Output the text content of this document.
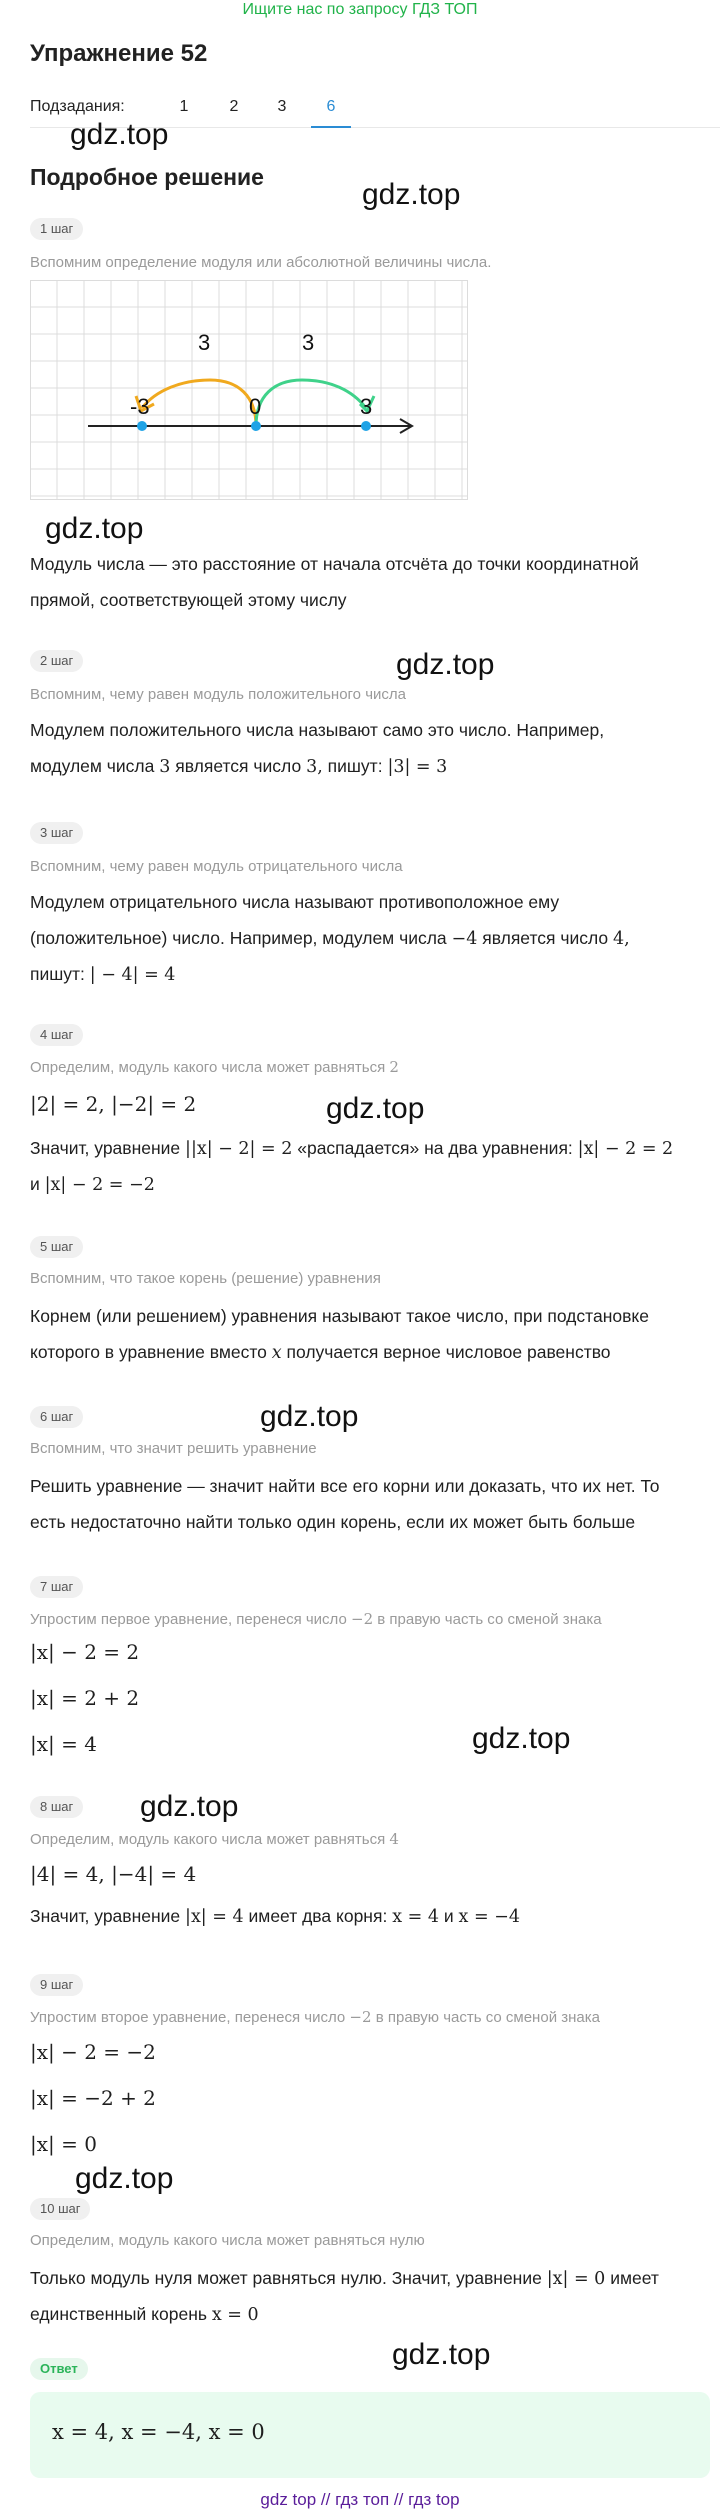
Ищите нас по запросу ГДЗ ТОП
Упражнение 52
Подзадания:	1	2	3	6
gdz.top
gdz.top
gdz.top
gdz.top
gdz.top
gdz.top
gdz.top
gdz.top
gdz.top
gdz.top
Подробное решение
1 шаг
Вспомним определение модуля или абсолютной величины числа.
3	3
-3	0	3
Модуль числа — это расстояние от начала отсчёта до точки координатной
прямой, соответствующей этому числу
2 шаг
Вспомним, чему равен модуль положительного числа
Модулем положительного числа называют само это число. Например,
модулем числа 3 является число 3, пишут: |3| = 3
3 шаг
Вспомним, чему равен модуль отрицательного числа
Модулем отрицательного числа называют противоположное ему
(положительное) число. Например, модулем числа −4 является число 4,
пишут: | − 4| = 4
4 шаг
Определим, модуль какого числа может равняться 2
|2| = 2, |−2| = 2
Значит, уравнение ||x| − 2| = 2 «распадается» на два уравнения: |x| − 2 = 2
и |x| − 2 = −2
5 шаг
Вспомним, что такое корень (решение) уравнения
Корнем (или решением) уравнения называют такое число, при подстановке
которого в уравнение вместо x получается верное числовое равенство
6 шаг
Вспомним, что значит решить уравнение
Решить уравнение — значит найти все его корни или доказать, что их нет. То
есть недостаточно найти только один корень, если их может быть больше
7 шаг
Упростим первое уравнение, перенеся число −2 в правую часть со сменой знака
|x| − 2 = 2
|x| = 2 + 2
|x| = 4
8 шаг
Определим, модуль какого числа может равняться 4
|4| = 4, |−4| = 4
Значит, уравнение |x| = 4 имеет два корня: x = 4 и x = −4
9 шаг
Упростим второе уравнение, перенеся число −2 в правую часть со сменой знака
|x| − 2 = −2
|x| = −2 + 2
|x| = 0
10 шаг
Определим, модуль какого числа может равняться нулю
Только модуль нуля может равняться нулю. Значит, уравнение |x| = 0 имеет
единственный корень x = 0
Ответ
x = 4, x = −4, x = 0
gdz top // гдз топ // гдз top
